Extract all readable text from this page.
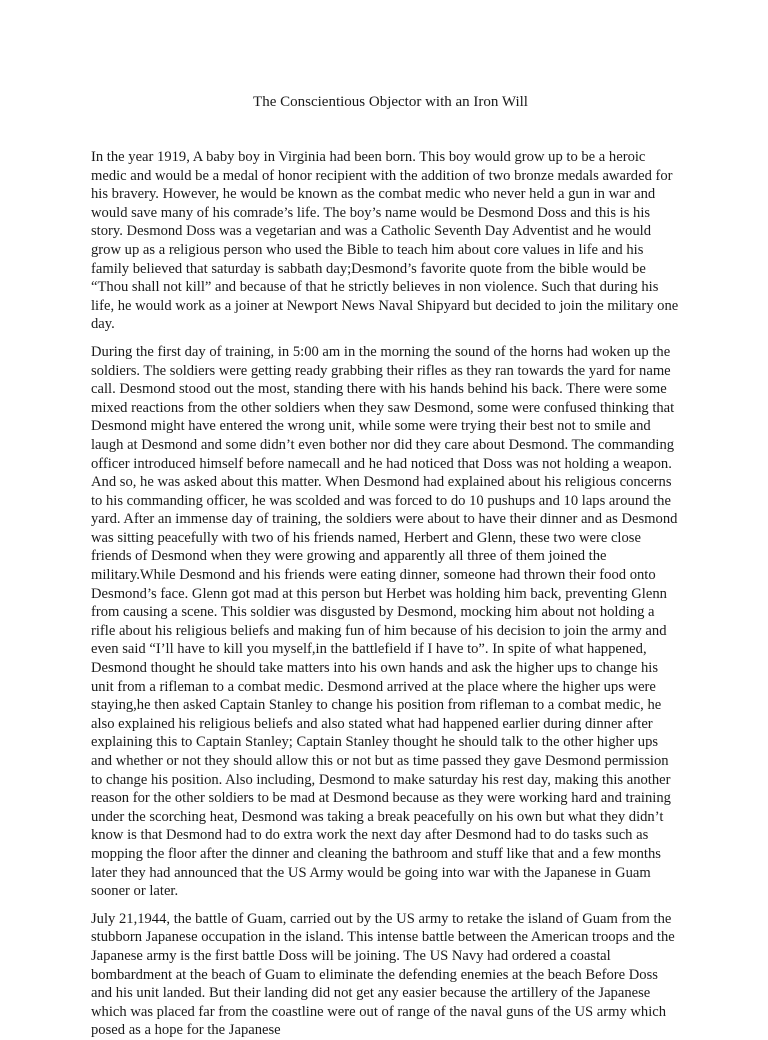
The Conscientious Objector with an Iron Will

In the year 1919, A baby boy in Virginia had been born. This boy would grow up to be a heroic medic and would be a medal of honor recipient with the addition of two bronze medals awarded for his bravery. However, he would be known as the combat medic who never held a gun in war and would save many of his comrade’s life. The boy’s name would be Desmond Doss and this is his story. Desmond Doss was a vegetarian and was a Catholic Seventh Day Adventist and he would grow up as a religious person who used the Bible to teach him about core values in life and his family believed that saturday is sabbath day;Desmond’s favorite quote from the bible would be “Thou shall not kill” and because of that he strictly believes in non violence. Such that during his life, he would work as a joiner at Newport News Naval Shipyard but decided to join the military one day.

During the first day of training, in 5:00 am in the morning the sound of the horns had woken up the soldiers. The soldiers were getting ready grabbing their rifles as they ran towards the yard for name call. Desmond stood out the most, standing there with his hands behind his back. There were some mixed reactions from the other soldiers when they saw Desmond, some were confused thinking that Desmond might have entered the wrong unit, while some were trying their best not to smile and laugh at Desmond and some didn’t even bother nor did they care about Desmond. The commanding officer introduced himself before namecall and he had noticed that Doss was not holding a weapon. And so, he was asked about this matter. When Desmond had explained about his religious concerns to his commanding officer, he was scolded and was forced to do 10 pushups and 10 laps around the yard. After an immense day of training, the soldiers were about to have their dinner and as Desmond was sitting peacefully with two of his friends named, Herbert and Glenn, these two were close friends of Desmond when they were growing and apparently all three of them joined the military.While Desmond and his friends were eating dinner, someone had thrown their food onto Desmond’s face. Glenn got mad at this person but Herbet was holding him back, preventing Glenn from causing a scene. This soldier was disgusted by Desmond, mocking him about not holding a rifle about his religious beliefs and making fun of him because of his decision to join the army and even said “I’ll have to kill you myself,in the battlefield if I have to”. In spite of what happened, Desmond thought he should take matters into his own hands and ask the higher ups to change his unit from a rifleman to a combat medic. Desmond arrived at the place where the higher ups were staying,he then asked Captain Stanley to change his position from rifleman to a combat medic, he also explained his religious beliefs and also stated what had happened earlier during dinner after explaining this to Captain Stanley; Captain Stanley thought he should talk to the other higher ups and whether or not they should allow this or not but as time passed they gave Desmond permission to change his position. Also including, Desmond to make saturday his rest day, making this another reason for the other soldiers to be mad at Desmond because as they were working hard and training under the scorching heat, Desmond was taking a break peacefully on his own but what they didn’t know is that Desmond had to do extra work the next day after Desmond had to do tasks such as mopping the floor after the dinner and cleaning the bathroom and stuff like that and a few months later they had announced that the US Army would be going into war with the Japanese in Guam sooner or later.

July 21,1944, the battle of Guam, carried out by the US army to retake the island of Guam from the stubborn Japanese occupation in the island. This intense battle between the American troops and the Japanese army is the first battle Doss will be joining. The US Navy had ordered a coastal bombardment at the beach of Guam to eliminate the defending enemies at the beach Before Doss and his unit landed. But their landing did not get any easier because the artillery of the Japanese which was placed far from the coastline were out of range of the naval guns of the US army which posed as a hope for the Japanese
